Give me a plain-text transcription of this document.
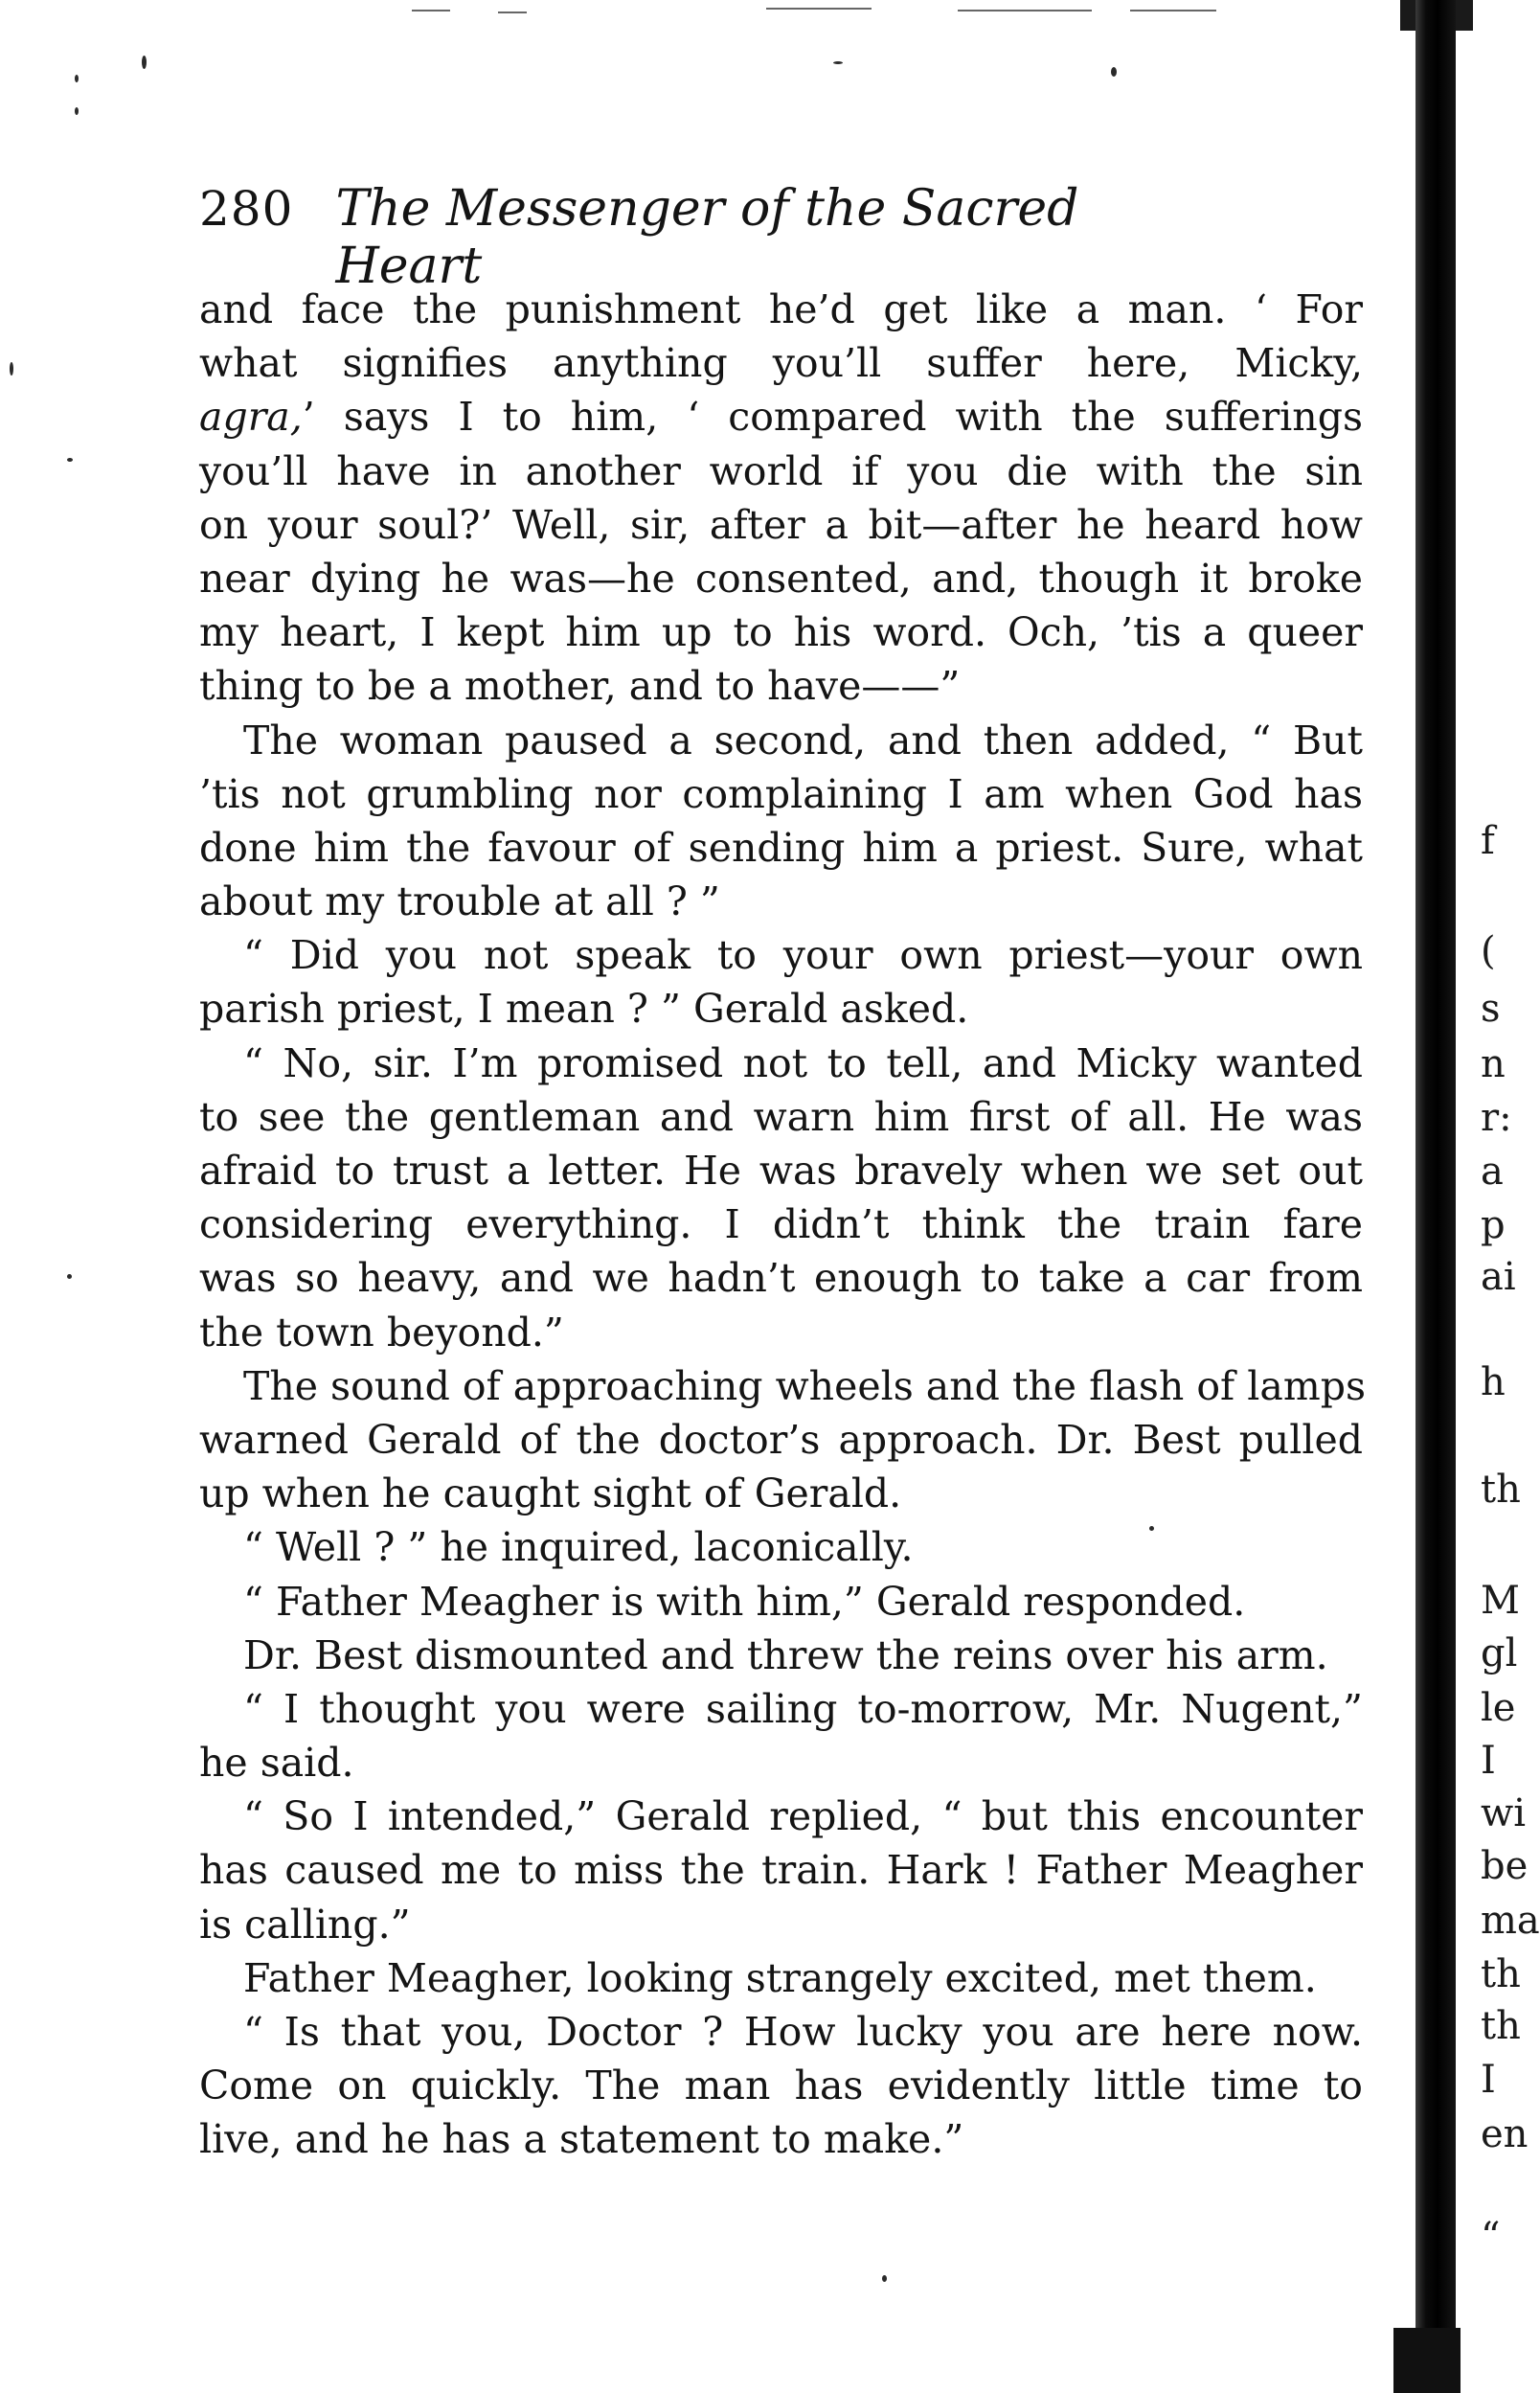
280 The Messenger of the Sacred Heart
and face the punishment he’d get like a man. ‘ For
what signifies anything you’ll suffer here, Micky,
agra,’ says I to him, ‘ compared with the sufferings
you’ll have in another world if you die with the sin
on your soul?’ Well, sir, after a bit—after he heard how
near dying he was—he consented, and, though it broke
my heart, I kept him up to his word. Och, ’tis a queer
thing to be a mother, and to have——”
The woman paused a second, and then added, “ But
’tis not grumbling nor complaining I am when God has
done him the favour of sending him a priest. Sure, what
about my trouble at all ? ”
“ Did you not speak to your own priest—your own
parish priest, I mean ? ” Gerald asked.
“ No, sir. I’m promised not to tell, and Micky wanted
to see the gentleman and warn him first of all. He was
afraid to trust a letter. He was bravely when we set out
considering everything. I didn’t think the train fare
was so heavy, and we hadn’t enough to take a car from
the town beyond.”
The sound of approaching wheels and the flash of lamps
warned Gerald of the doctor’s approach. Dr. Best pulled
up when he caught sight of Gerald.
“ Well ? ” he inquired, laconically.
“ Father Meagher is with him,” Gerald responded.
Dr. Best dismounted and threw the reins over his arm.
“ I thought you were sailing to-morrow, Mr. Nugent,”
he said.
“ So I intended,” Gerald replied, “ but this encounter
has caused me to miss the train. Hark ! Father Meagher
is calling.”
Father Meagher, looking strangely excited, met them.
“ Is that you, Doctor ? How lucky you are here now.
Come on quickly. The man has evidently little time to
live, and he has a statement to make.”
f
(
s
n
r:
a
p
ai
h
th
M
gl
le
I
wi
be
ma
th
th
I
en
“
